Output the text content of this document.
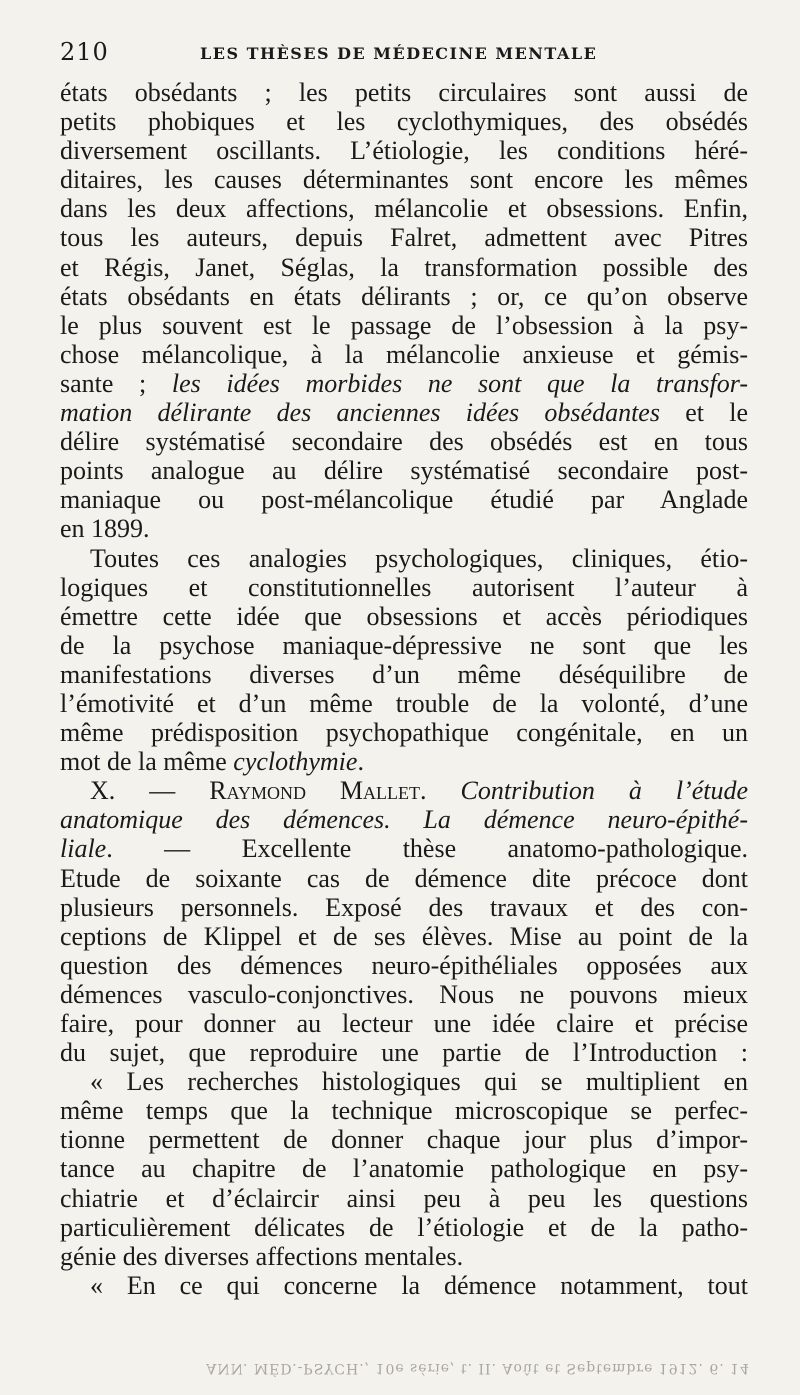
210	LES THÈSES DE MÉDECINE MENTALE
états obsédants ; les petits circulaires sont aussi de
petits phobiques et les cyclothymiques, des obsédés
diversement oscillants. L’étiologie, les conditions héré-
ditaires, les causes déterminantes sont encore les mêmes
dans les deux affections, mélancolie et obsessions. Enfin,
tous les auteurs, depuis Falret, admettent avec Pitres
et Régis, Janet, Séglas, la transformation possible des
états obsédants en états délirants ; or, ce qu’on observe
le plus souvent est le passage de l’obsession à la psy-
chose mélancolique, à la mélancolie anxieuse et gémis-
sante ; les idées morbides ne sont que la transfor-
mation délirante des anciennes idées obsédantes et le
délire systématisé secondaire des obsédés est en tous
points analogue au délire systématisé secondaire post-
maniaque ou post-mélancolique étudié par Anglade
en 1899.
Toutes ces analogies psychologiques, cliniques, étio-
logiques et constitutionnelles autorisent l’auteur à
émettre cette idée que obsessions et accès périodiques
de la psychose maniaque-dépressive ne sont que les
manifestations diverses d’un même déséquilibre de
l’émotivité et d’un même trouble de la volonté, d’une
même prédisposition psychopathique congénitale, en un
mot de la même cyclothymie.
X. — Raymond Mallet. Contribution à l’étude
anatomique des démences. La démence neuro-épithé-
liale. — Excellente thèse anatomo-pathologique.
Etude de soixante cas de démence dite précoce dont
plusieurs personnels. Exposé des travaux et des con-
ceptions de Klippel et de ses élèves. Mise au point de la
question des démences neuro-épithéliales opposées aux
démences vasculo-conjonctives. Nous ne pouvons mieux
faire, pour donner au lecteur une idée claire et précise
du sujet, que reproduire une partie de l’Introduction :
« Les recherches histologiques qui se multiplient en
même temps que la technique microscopique se perfec-
tionne permettent de donner chaque jour plus d’impor-
tance au chapitre de l’anatomie pathologique en psy-
chiatrie et d’éclaircir ainsi peu à peu les questions
particulièrement délicates de l’étiologie et de la patho-
génie des diverses affections mentales.
« En ce qui concerne la démence notamment, tout
ANN. MÉD.-PSYCH., 10e série, t. II. Août et Septembre 1912. 6. 14
